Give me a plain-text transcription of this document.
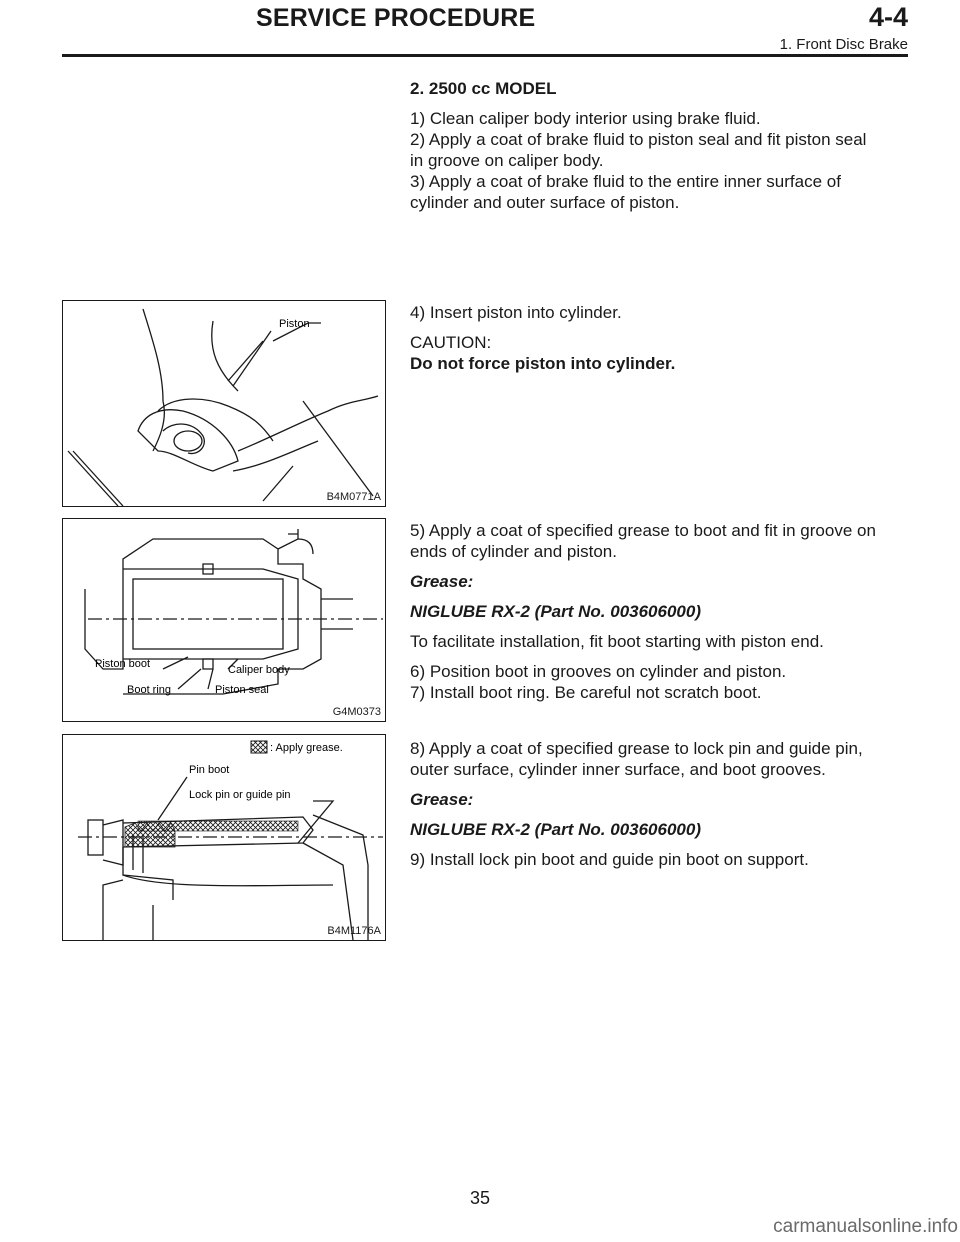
SERVICE PROCEDURE	4-4
1. Front Disc Brake

2. 2500 cc MODEL

1) Clean caliper body interior using brake fluid.

2) Apply a coat of brake fluid to piston seal and fit piston seal in groove on caliper body.

3) Apply a coat of brake fluid to the entire inner surface of cylinder and outer surface of piston.

Piston
B4M0771A

4) Insert piston into cylinder.

CAUTION:

Do not force piston into cylinder.

Piston boot	Caliper body
Boot ring	Piston seal
G4M0373

5) Apply a coat of specified grease to boot and fit in groove on ends of cylinder and piston.

Grease:

NIGLUBE RX-2 (Part No. 003606000)

To facilitate installation, fit boot starting with piston end.

6) Position boot in grooves on cylinder and piston.

7) Install boot ring. Be careful not scratch boot.

: Apply grease.
Pin boot
Lock pin or guide pin
B4M1176A

8) Apply a coat of specified grease to lock pin and guide pin, outer surface, cylinder inner surface, and boot grooves.

Grease:

NIGLUBE RX-2 (Part No. 003606000)

9) Install lock pin boot and guide pin boot on support.

35
carmanualsonline.info
